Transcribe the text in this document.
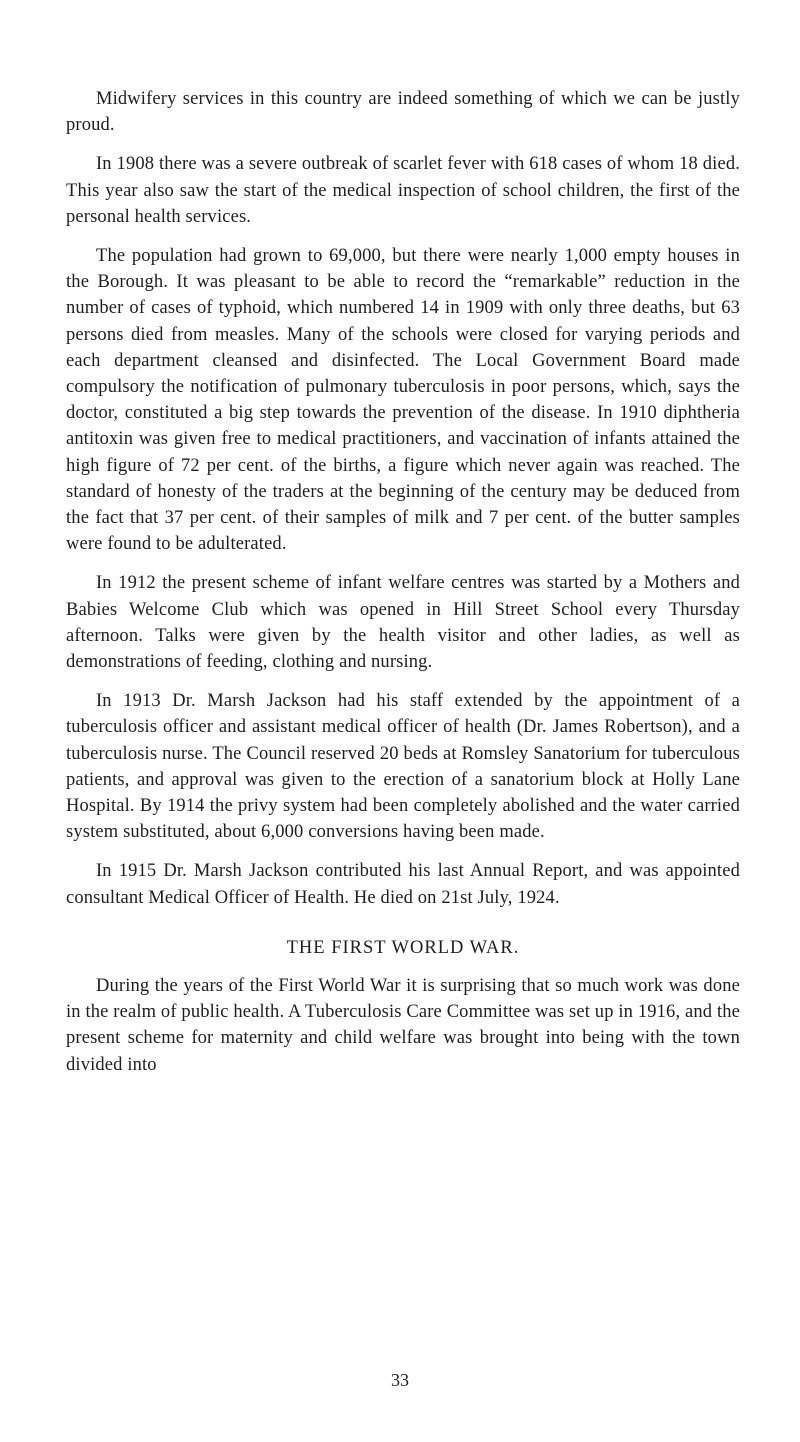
Midwifery services in this country are indeed something of which we can be justly proud.

In 1908 there was a severe outbreak of scarlet fever with 618 cases of whom 18 died. This year also saw the start of the medical inspection of school children, the first of the personal health services.

The population had grown to 69,000, but there were nearly 1,000 empty houses in the Borough. It was pleasant to be able to record the “remarkable” reduction in the number of cases of typhoid, which numbered 14 in 1909 with only three deaths, but 63 persons died from measles. Many of the schools were closed for varying periods and each department cleansed and disinfected. The Local Government Board made compulsory the notification of pulmonary tuberculosis in poor persons, which, says the doctor, constituted a big step towards the prevention of the disease. In 1910 diphtheria antitoxin was given free to medical practitioners, and vaccination of infants attained the high figure of 72 per cent. of the births, a figure which never again was reached. The standard of honesty of the traders at the beginning of the century may be deduced from the fact that 37 per cent. of their samples of milk and 7 per cent. of the butter samples were found to be adulterated.

In 1912 the present scheme of infant welfare centres was started by a Mothers and Babies Welcome Club which was opened in Hill Street School every Thursday afternoon. Talks were given by the health visitor and other ladies, as well as demonstrations of feeding, clothing and nursing.

In 1913 Dr. Marsh Jackson had his staff extended by the appointment of a tuberculosis officer and assistant medical officer of health (Dr. James Robertson), and a tuberculosis nurse. The Council reserved 20 beds at Romsley Sanatorium for tuberculous patients, and approval was given to the erection of a sanatorium block at Holly Lane Hospital. By 1914 the privy system had been completely abolished and the water carried system substituted, about 6,000 conversions having been made.

In 1915 Dr. Marsh Jackson contributed his last Annual Report, and was appointed consultant Medical Officer of Health. He died on 21st July, 1924.

THE FIRST WORLD WAR.

During the years of the First World War it is surprising that so much work was done in the realm of public health. A Tuberculosis Care Committee was set up in 1916, and the present scheme for maternity and child welfare was brought into being with the town divided into

33
